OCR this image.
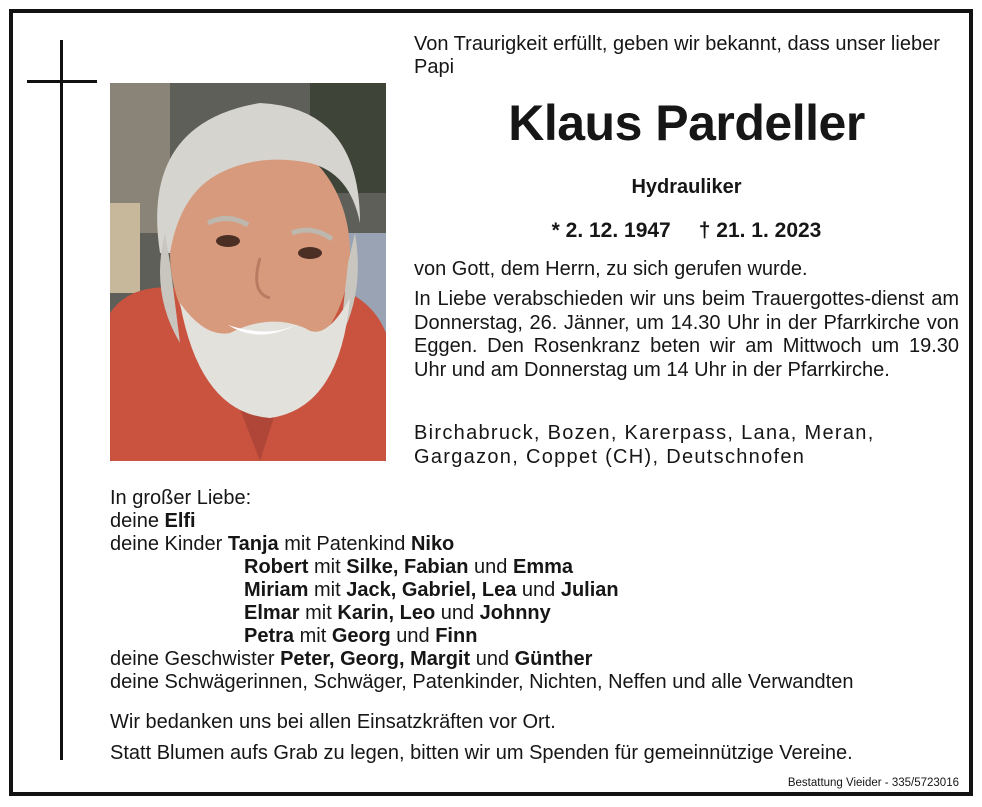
Von Traurigkeit erfüllt, geben wir bekannt, dass unser lieber Papi
Klaus Pardeller
Hydrauliker
* 2. 12. 1947 † 21. 1. 2023
von Gott, dem Herrn, zu sich gerufen wurde.
In Liebe verabschieden wir uns beim Trauergottes-dienst am Donnerstag, 26. Jänner, um 14.30 Uhr in der Pfarrkirche von Eggen. Den Rosenkranz beten wir am Mittwoch um 19.30 Uhr und am Donnerstag um 14 Uhr in der Pfarrkirche.
Birchabruck, Bozen, Karerpass, Lana, Meran, Gargazon, Coppet (CH), Deutschnofen
In großer Liebe:
deine Elfi
deine Kinder Tanja mit Patenkind Niko
Robert mit Silke, Fabian und Emma
Miriam mit Jack, Gabriel, Lea und Julian
Elmar mit Karin, Leo und Johnny
Petra mit Georg und Finn
deine Geschwister Peter, Georg, Margit und Günther
deine Schwägerinnen, Schwäger, Patenkinder, Nichten, Neffen und alle Verwandten
Wir bedanken uns bei allen Einsatzkräften vor Ort.
Statt Blumen aufs Grab zu legen, bitten wir um Spenden für gemeinnützige Vereine.
Bestattung Vieider - 335/5723016
